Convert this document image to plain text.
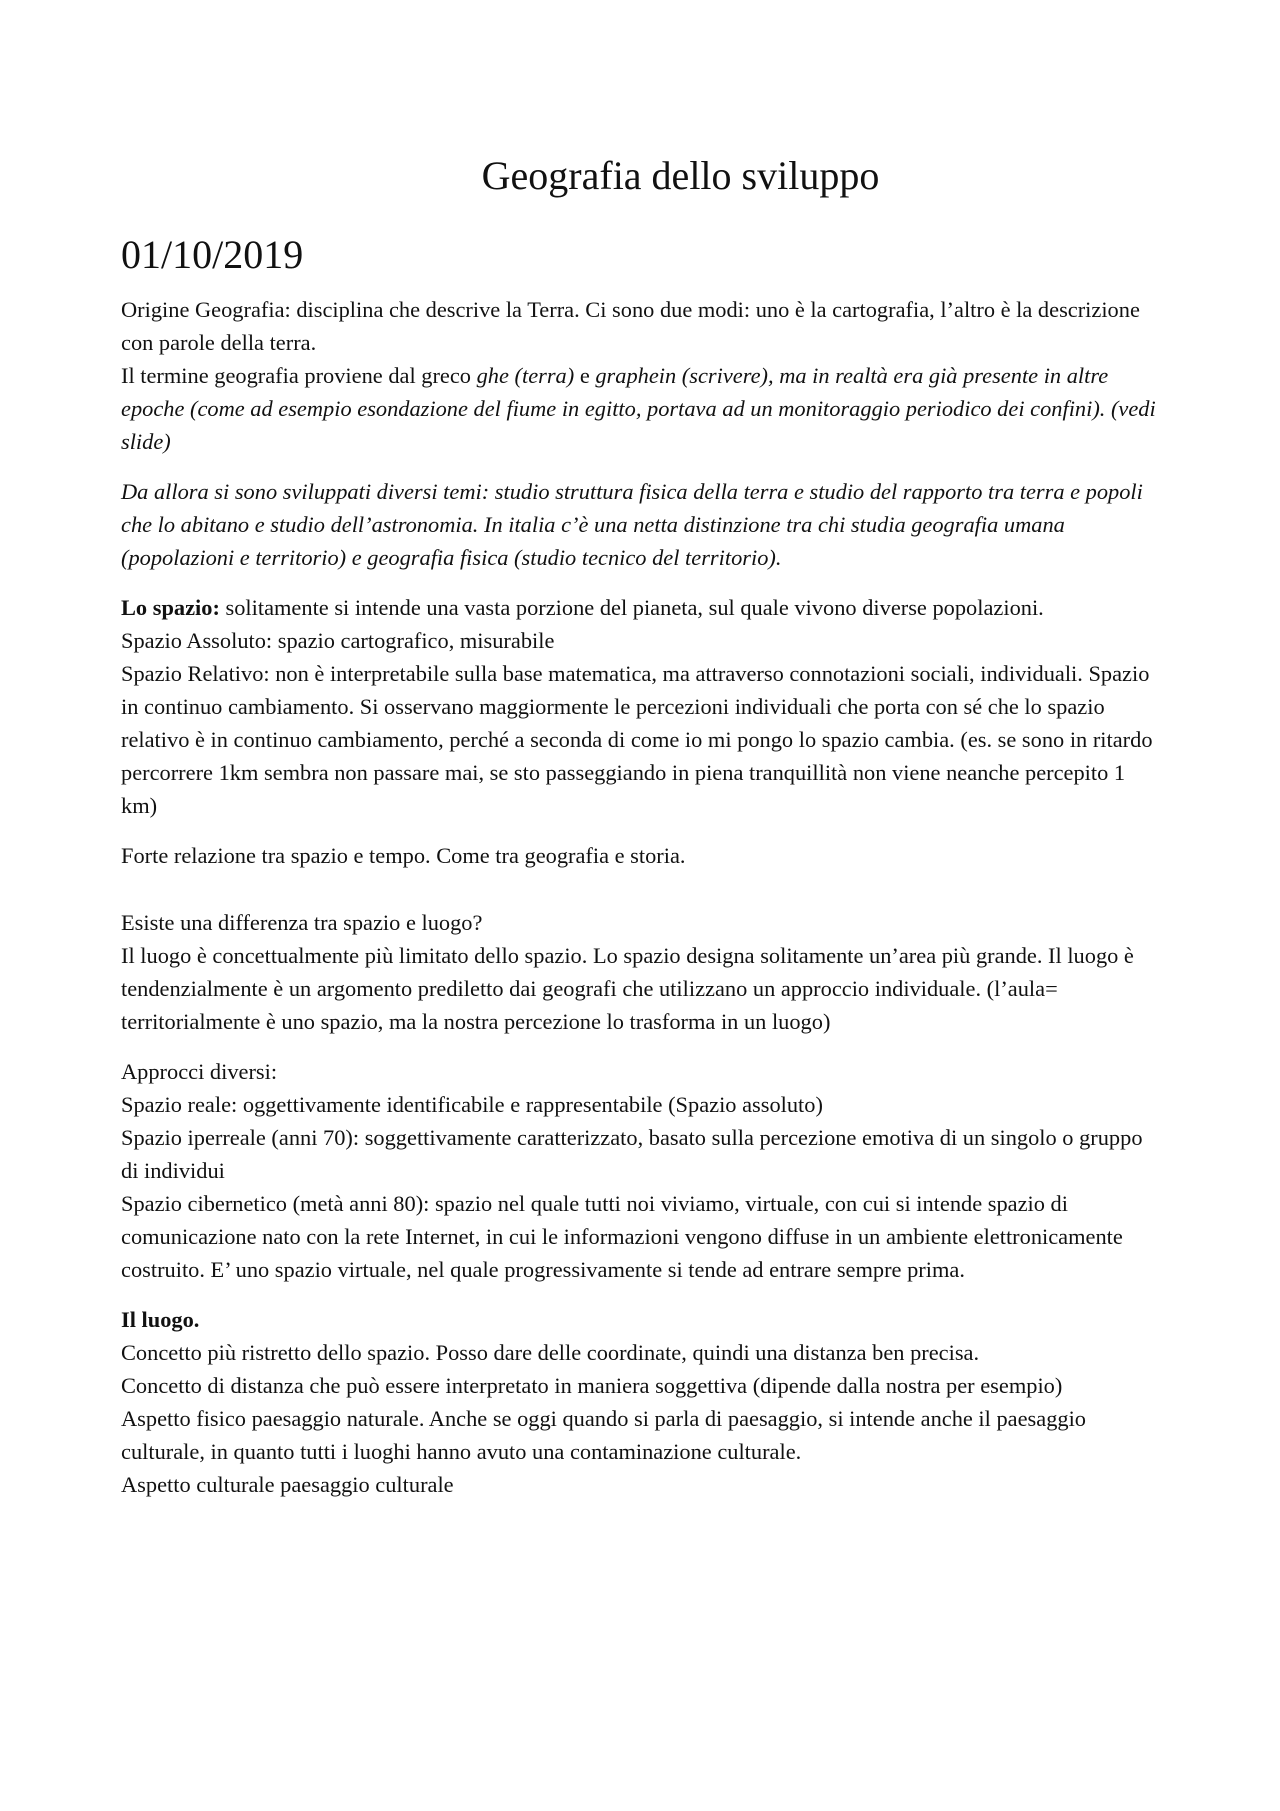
Geografia dello sviluppo
01/10/2019

Origine Geografia: disciplina che descrive la Terra. Ci sono due modi: uno è la cartografia, l’altro è la descrizione con parole della terra.

Il termine geografia proviene dal greco ghe (terra) e graphein (scrivere), ma in realtà era già presente in altre epoche (come ad esempio esondazione del fiume in egitto, portava ad un monitoraggio periodico dei confini). (vedi slide)

Da allora si sono sviluppati diversi temi: studio struttura fisica della terra e studio del rapporto tra terra e popoli che lo abitano e studio dell’astronomia. In italia c’è una netta distinzione tra chi studia geografia umana (popolazioni e territorio) e geografia fisica (studio tecnico del territorio).

Lo spazio: solitamente si intende una vasta porzione del pianeta, sul quale vivono diverse popolazioni.

Spazio Assoluto: spazio cartografico, misurabile

Spazio Relativo: non è interpretabile sulla base matematica, ma attraverso connotazioni sociali, individuali. Spazio in continuo cambiamento. Si osservano maggiormente le percezioni individuali che porta con sé che lo spazio relativo è in continuo cambiamento, perché a seconda di come io mi pongo lo spazio cambia. (es. se sono in ritardo percorrere 1km sembra non passare mai, se sto passeggiando in piena tranquillità non viene neanche percepito 1 km)

Forte relazione tra spazio e tempo. Come tra geografia e storia.

Esiste una differenza tra spazio e luogo?

Il luogo è concettualmente più limitato dello spazio. Lo spazio designa solitamente un’area più grande. Il luogo è tendenzialmente è un argomento prediletto dai geografi che utilizzano un approccio individuale. (l’aula= territorialmente è uno spazio, ma la nostra percezione lo trasforma in un luogo)

Approcci diversi:

Spazio reale: oggettivamente identificabile e rappresentabile (Spazio assoluto)

Spazio iperreale (anni 70): soggettivamente caratterizzato, basato sulla percezione emotiva di un singolo o gruppo di individui

Spazio cibernetico (metà anni 80): spazio nel quale tutti noi viviamo, virtuale, con cui si intende spazio di comunicazione nato con la rete Internet, in cui le informazioni vengono diffuse in un ambiente elettronicamente costruito. E’ uno spazio virtuale, nel quale progressivamente si tende ad entrare sempre prima.

Il luogo.

Concetto più ristretto dello spazio. Posso dare delle coordinate, quindi una distanza ben precisa.

Concetto di distanza che può essere interpretato in maniera soggettiva (dipende dalla nostra per esempio)

Aspetto fisico paesaggio naturale. Anche se oggi quando si parla di paesaggio, si intende anche il paesaggio culturale, in quanto tutti i luoghi hanno avuto una contaminazione culturale.

Aspetto culturale paesaggio culturale
